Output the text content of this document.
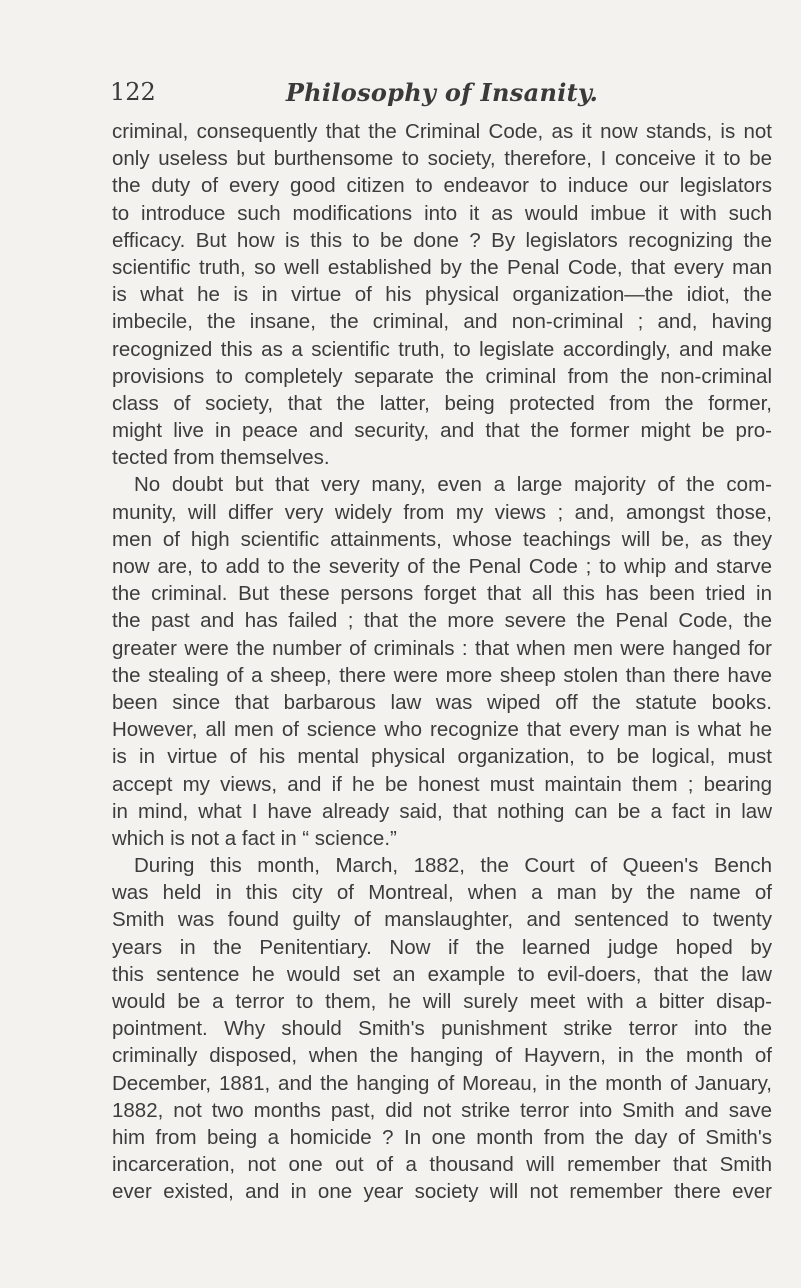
122	Philosophy of Insanity.
criminal, consequently that the Criminal Code, as it now stands, is not
only useless but burthensome to society, therefore, I conceive it to be
the duty of every good citizen to endeavor to induce our legislators
to introduce such modifications into it as would imbue it with such
efficacy. But how is this to be done ? By legislators recognizing the
scientific truth, so well established by the Penal Code, that every man
is what he is in virtue of his physical organization—the idiot, the
imbecile, the insane, the criminal, and non-criminal ; and, having
recognized this as a scientific truth, to legislate accordingly, and make
provisions to completely separate the criminal from the non-criminal
class of society, that the latter, being protected from the former,
might live in peace and security, and that the former might be pro-
tected from themselves.
No doubt but that very many, even a large majority of the com-
munity, will differ very widely from my views ; and, amongst those,
men of high scientific attainments, whose teachings will be, as they
now are, to add to the severity of the Penal Code ; to whip and starve
the criminal. But these persons forget that all this has been tried in
the past and has failed ; that the more severe the Penal Code, the
greater were the number of criminals : that when men were hanged for
the stealing of a sheep, there were more sheep stolen than there have
been since that barbarous law was wiped off the statute books.
However, all men of science who recognize that every man is what he
is in virtue of his mental physical organization, to be logical, must
accept my views, and if he be honest must maintain them ; bearing
in mind, what I have already said, that nothing can be a fact in law
which is not a fact in “ science.”
During this month, March, 1882, the Court of Queen's Bench
was held in this city of Montreal, when a man by the name of
Smith was found guilty of manslaughter, and sentenced to twenty
years in the Penitentiary. Now if the learned judge hoped by
this sentence he would set an example to evil-doers, that the law
would be a terror to them, he will surely meet with a bitter disap-
pointment. Why should Smith's punishment strike terror into the
criminally disposed, when the hanging of Hayvern, in the month of
December, 1881, and the hanging of Moreau, in the month of January,
1882, not two months past, did not strike terror into Smith and save
him from being a homicide ? In one month from the day of Smith's
incarceration, not one out of a thousand will remember that Smith
ever existed, and in one year society will not remember there ever
